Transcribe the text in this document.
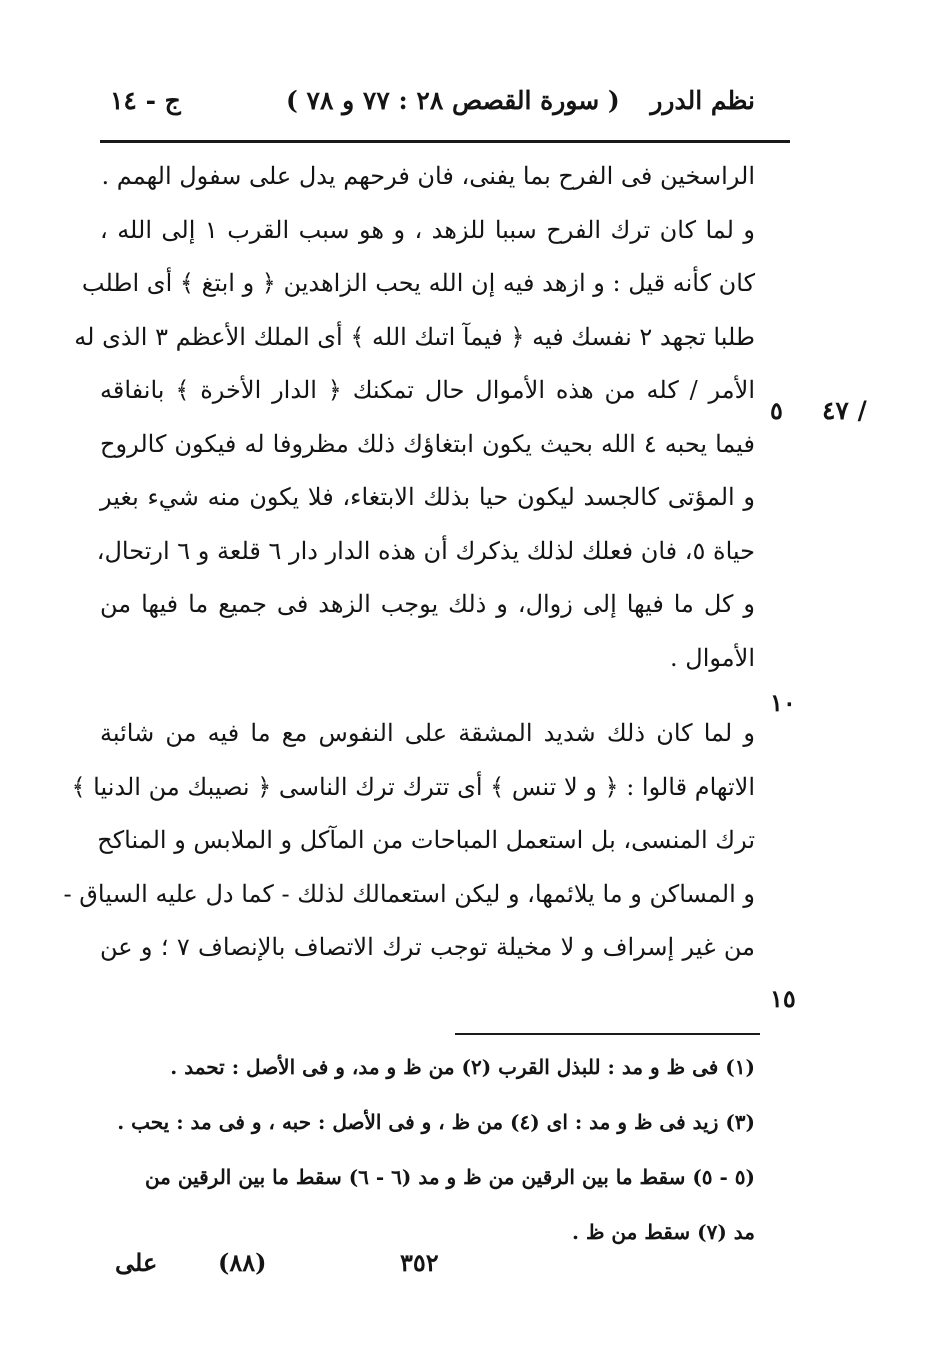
نظم الدرر
( سورة القصص ٢٨ : ٧٧ و ٧٨ )
ج - ١٤
٤٧ /
٥
١٠
١٥
الراسخين فى الفرح بما يفنى، فان فرحهم يدل على سفول الهمم .
و لما كان ترك الفرح سببا للزهد ، و هو سبب القرب ١ إلى الله ،
كان كأنه قيل : و ازهد فيه إن الله يحب الزاهدين ﴿ و ابتغ ﴾ أى اطلب
طلبا تجهد ٢ نفسك فيه ﴿ فيمآ اتىك الله ﴾ أى الملك الأعظم ٣ الذى له
الأمر / كله من هذه الأموال حال تمكنك ﴿ الدار الأخرة ﴾ بانفاقه
فيما يحبه ٤ الله بحيث يكون ابتغاؤك ذلك مظروفا له فيكون كالروح
و المؤتى كالجسد ليكون حيا بذلك الابتغاء، فلا يكون منه شيء بغير
حياة ٥، فان فعلك لذلك يذكرك أن هذه الدار دار ٦ قلعة و ٦ ارتحال،
و كل ما فيها إلى زوال، و ذلك يوجب الزهد فى جميع ما فيها من
الأموال .
و لما كان ذلك شديد المشقة على النفوس مع ما فيه من شائبة
الاتهام قالوا : ﴿ و لا تنس ﴾ أى تترك ترك الناسى ﴿ نصيبك من الدنيا ﴾
ترك المنسى، بل استعمل المباحات من المآكل و الملابس و المناكح
و المساكن و ما يلائمها، و ليكن استعمالك لذلك - كما دل عليه السياق -
من غير إسراف و لا مخيلة توجب ترك الاتصاف بالإنصاف ٧ ؛ و عن
(١) فى ظ و مد : للبذل القرب (٢) من ظ و مد، و فى الأصل : تحمد .
(٣) زيد فى ظ و مد : اى (٤) من ظ ، و فى الأصل : حبه ، و فى مد : يحب .
(٥ - ٥) سقط ما بين الرقين من ظ و مد (٦ - ٦) سقط ما بين الرقين من
مد (٧) سقط من ظ .
٣٥٢
(٨٨)
على
